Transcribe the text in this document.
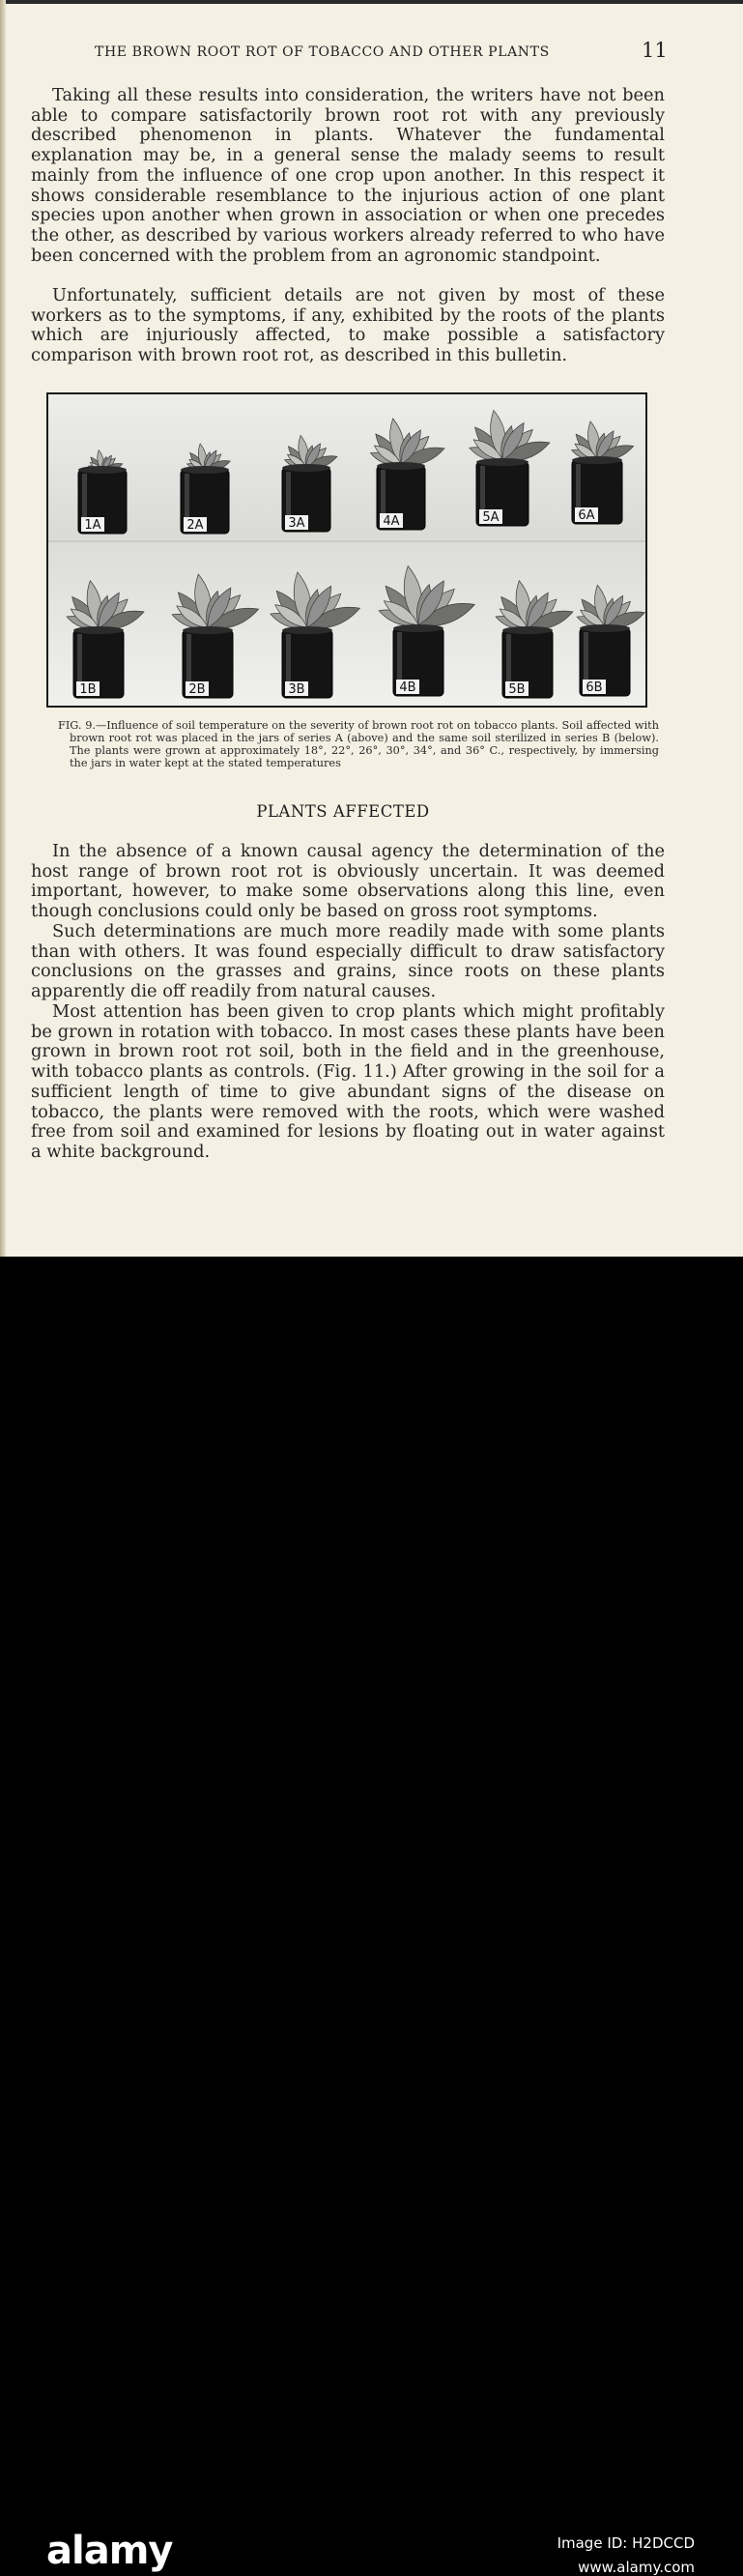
THE BROWN ROOT ROT OF TOBACCO AND OTHER PLANTS	11

Taking all these results into consideration, the writers have not been able to compare satisfactorily brown root rot with any previously described phenomenon in plants. Whatever the fundamental explanation may be, in a general sense the malady seems to result mainly from the influence of one crop upon another. In this respect it shows considerable resemblance to the injurious action of one plant species upon another when grown in association or when one precedes the other, as described by various workers already referred to who have been concerned with the problem from an agronomic standpoint.

Unfortunately, sufficient details are not given by most of these workers as to the symptoms, if any, exhibited by the roots of the plants which are injuriously affected, to make possible a satisfactory comparison with brown root rot, as described in this bulletin.

1A	2A	3A	4A	5A	6A
1B	2B	3B	4B	5B	6B

FIG. 9.—Influence of soil temperature on the severity of brown root rot on tobacco plants. Soil affected with brown root rot was placed in the jars of series A (above) and the same soil sterilized in series B (below). The plants were grown at approximately 18°, 22°, 26°, 30°, 34°, and 36° C., respectively, by immersing the jars in water kept at the stated temperatures

PLANTS AFFECTED

In the absence of a known causal agency the determination of the host range of brown root rot is obviously uncertain. It was deemed important, however, to make some observations along this line, even though conclusions could only be based on gross root symptoms.

Such determinations are much more readily made with some plants than with others. It was found especially difficult to draw satisfactory conclusions on the grasses and grains, since roots on these plants apparently die off readily from natural causes.

Most attention has been given to crop plants which might profitably be grown in rotation with tobacco. In most cases these plants have been grown in brown root rot soil, both in the field and in the greenhouse, with tobacco plants as controls. (Fig. 11.) After growing in the soil for a sufficient length of time to give abundant signs of the disease on tobacco, the plants were removed with the roots, which were washed free from soil and examined for lesions by floating out in water against a white background.

alamy	Image ID: H2DCCD
www.alamy.com
